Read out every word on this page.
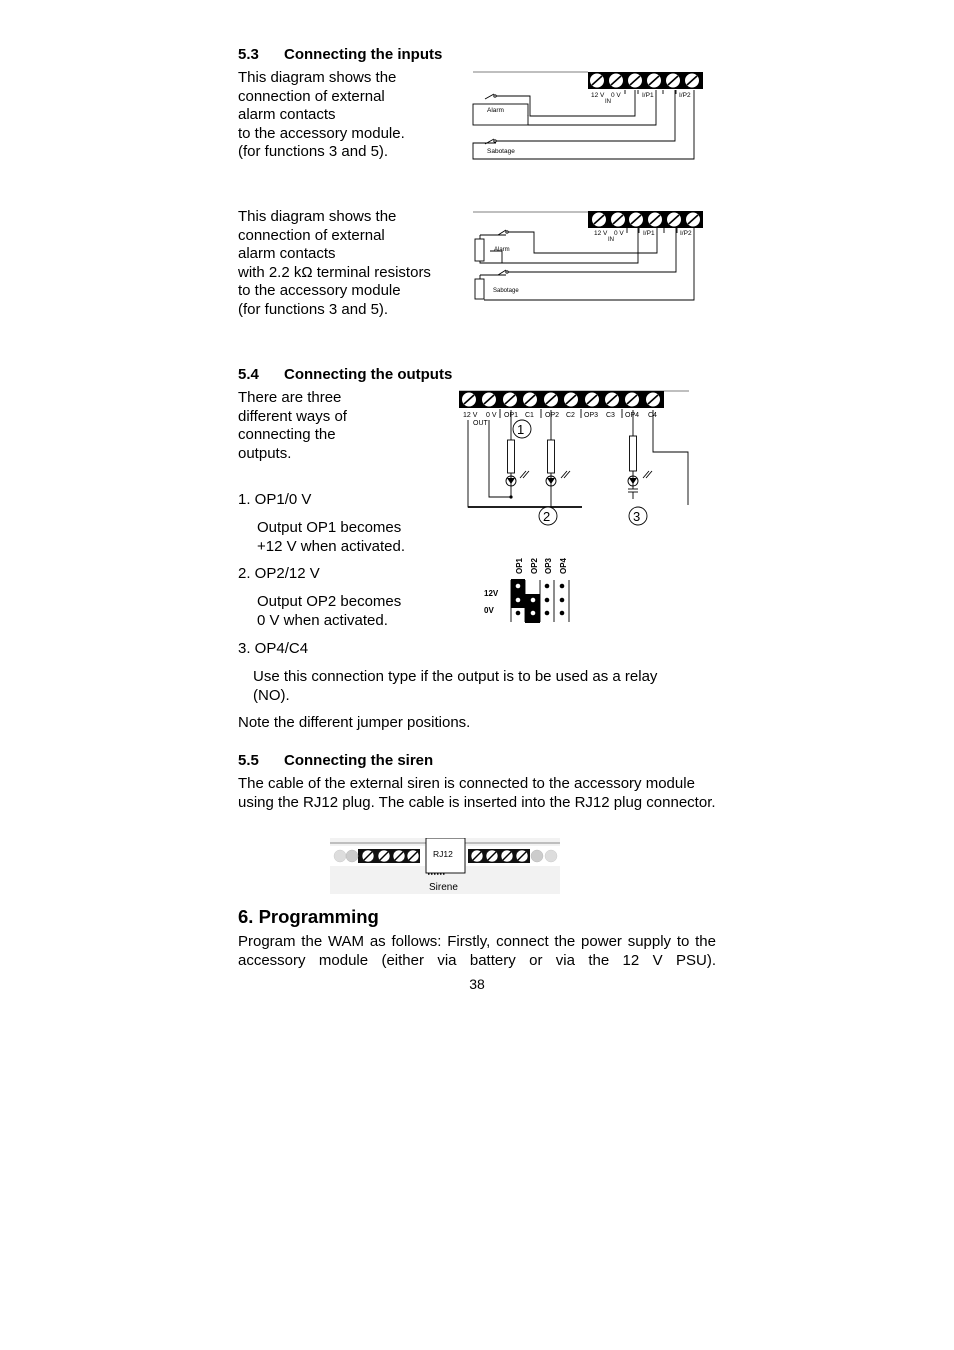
5.3 Connecting the inputs
This diagram shows the
connection of external
alarm contacts
to the accessory module.
(for functions 3 and 5).
12 V 0 V
IN
I/P1	I/P2
Alarm
Sabotage
This diagram shows the
connection of external
alarm contacts
with 2.2 kΩ terminal resistors
to the accessory module
(for functions 3 and 5).
12 V 0 V
IN
I/P1	I/P2
Alarm
Sabotage
5.4 Connecting the outputs
There are three
different ways of
connecting the
outputs.
12 V 0 V
OUT
OP1 C1 OP2 C2 OP3 C3 OP4 C4
1
2	3
1. OP1/0 V
Output OP1 becomes
+12 V when activated.
2. OP2/12 V
Output OP2 becomes
0 V when activated.
3. OP4/C4
Use this connection type if the output is to be used as a relay
(NO).
Note the different jumper positions.
OP1 OP2 OP3 OP4
12V
0V
5.5 Connecting the siren
The cable of the external siren is connected to the accessory module using the RJ12 plug. The cable is inserted into the RJ12 plug connector.
RJ12
Sirene
6. Programming
Program the WAM as follows: Firstly, connect the power supply to the accessory module (either via battery or via the 12 V PSU).
38
